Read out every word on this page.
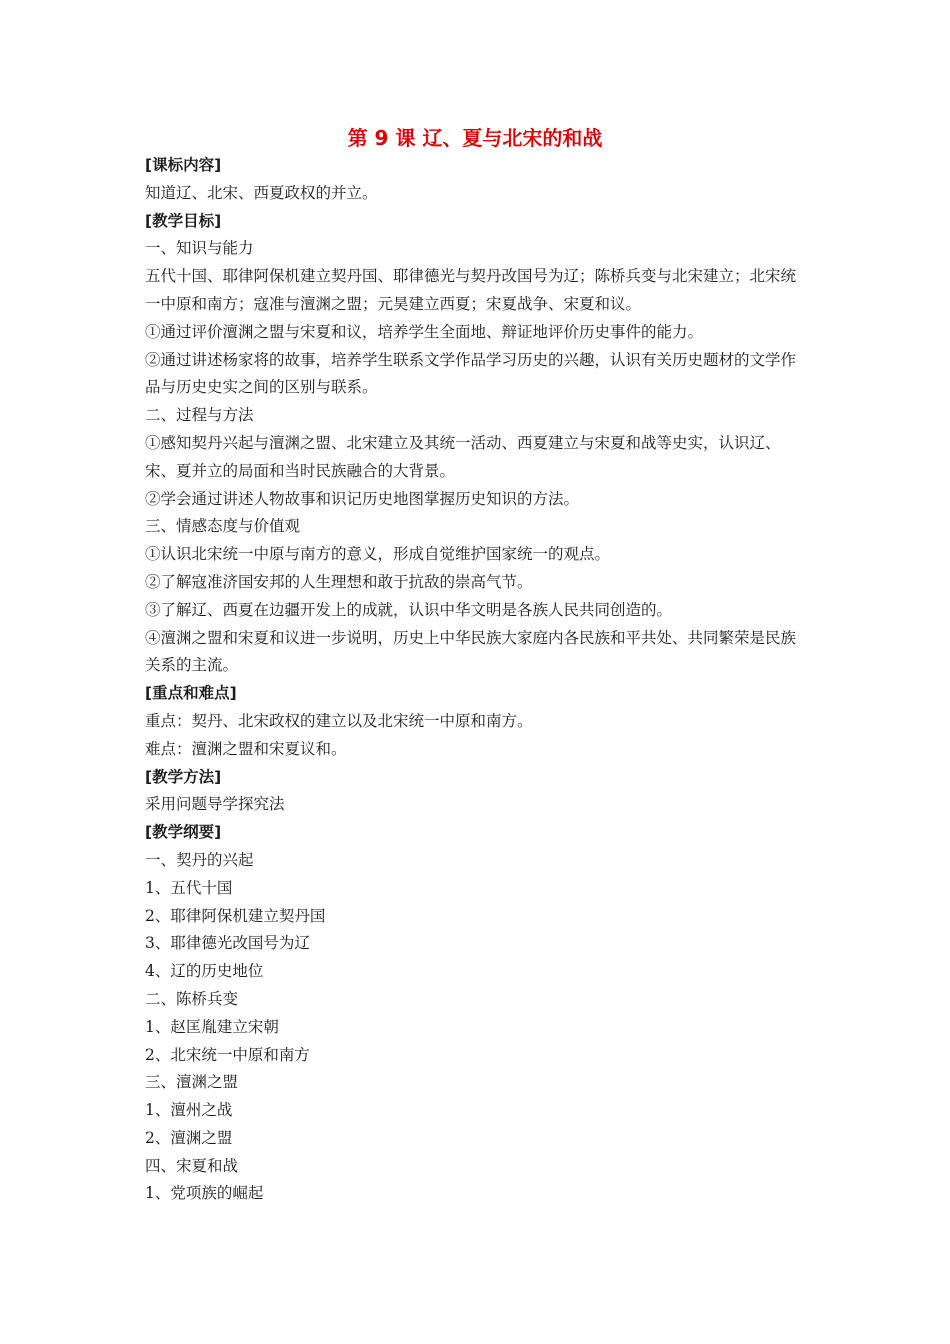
第 9 课 辽、夏与北宋的和战

[课标内容]

知道辽、北宋、西夏政权的并立。

[教学目标]

一、知识与能力

五代十国、耶律阿保机建立契丹国、耶律德光与契丹改国号为辽；陈桥兵变与北宋建立；北宋统一中原和南方；寇准与澶渊之盟；元昊建立西夏；宋夏战争、宋夏和议。

①通过评价澶渊之盟与宋夏和议，培养学生全面地、辩证地评价历史事件的能力。

②通过讲述杨家将的故事，培养学生联系文学作品学习历史的兴趣，认识有关历史题材的文学作品与历史史实之间的区别与联系。

二、过程与方法

①感知契丹兴起与澶渊之盟、北宋建立及其统一活动、西夏建立与宋夏和战等史实，认识辽、宋、夏并立的局面和当时民族融合的大背景。

②学会通过讲述人物故事和识记历史地图掌握历史知识的方法。

三、情感态度与价值观

①认识北宋统一中原与南方的意义，形成自觉维护国家统一的观点。

②了解寇准济国安邦的人生理想和敢于抗敌的崇高气节。

③了解辽、西夏在边疆开发上的成就，认识中华文明是各族人民共同创造的。

④澶渊之盟和宋夏和议进一步说明，历史上中华民族大家庭内各民族和平共处、共同繁荣是民族关系的主流。

[重点和难点]

重点：契丹、北宋政权的建立以及北宋统一中原和南方。

难点：澶渊之盟和宋夏议和。

[教学方法]

采用问题导学探究法

[教学纲要]

一、契丹的兴起

1、五代十国

2、耶律阿保机建立契丹国

3、耶律德光改国号为辽

4、辽的历史地位

二、陈桥兵变

1、赵匡胤建立宋朝

2、北宋统一中原和南方

三、澶渊之盟

1、澶州之战

2、澶渊之盟

四、宋夏和战

1、党项族的崛起
